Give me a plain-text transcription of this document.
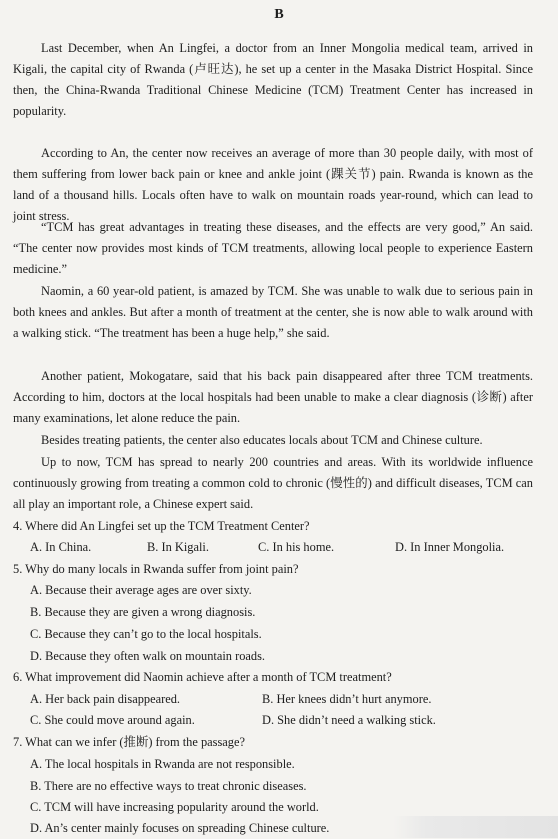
B

Last December, when An Lingfei, a doctor from an Inner Mongolia medical team, arrived in Kigali, the capital city of Rwanda (卢旺达), he set up a center in the Masaka District Hospital. Since then, the China-Rwanda Traditional Chinese Medicine (TCM) Treatment Center has increased in popularity.

According to An, the center now receives an average of more than 30 people daily, with most of them suffering from lower back pain or knee and ankle joint (踝关节) pain. Rwanda is known as the land of a thousand hills. Locals often have to walk on mountain roads year-round, which can lead to joint stress.

“TCM has great advantages in treating these diseases, and the effects are very good,” An said. “The center now provides most kinds of TCM treatments, allowing local people to experience Eastern medicine.”

Naomin, a 60 year-old patient, is amazed by TCM. She was unable to walk due to serious pain in both knees and ankles. But after a month of treatment at the center, she is now able to walk around with a walking stick. “The treatment has been a huge help,” she said.

Another patient, Mokogatare, said that his back pain disappeared after three TCM treatments. According to him, doctors at the local hospitals had been unable to make a clear diagnosis (诊断) after many examinations, let alone reduce the pain.

Besides treating patients, the center also educates locals about TCM and Chinese culture.

Up to now, TCM has spread to nearly 200 countries and areas. With its worldwide influence continuously growing from treating a common cold to chronic (慢性的) and difficult diseases, TCM can all play an important role, a Chinese expert said.

4. Where did An Lingfei set up the TCM Treatment Center?
A. In China.	B. In Kigali.	C. In his home.	D. In Inner Mongolia.
5. Why do many locals in Rwanda suffer from joint pain?
A. Because their average ages are over sixty.
B. Because they are given a wrong diagnosis.
C. Because they can’t go to the local hospitals.
D. Because they often walk on mountain roads.
6. What improvement did Naomin achieve after a month of TCM treatment?
A. Her back pain disappeared.	B. Her knees didn’t hurt anymore.
C. She could move around again.	D. She didn’t need a walking stick.
7. What can we infer (推断) from the passage?
A. The local hospitals in Rwanda are not responsible.
B. There are no effective ways to treat chronic diseases.
C. TCM will have increasing popularity around the world.
D. An’s center mainly focuses on spreading Chinese culture.
